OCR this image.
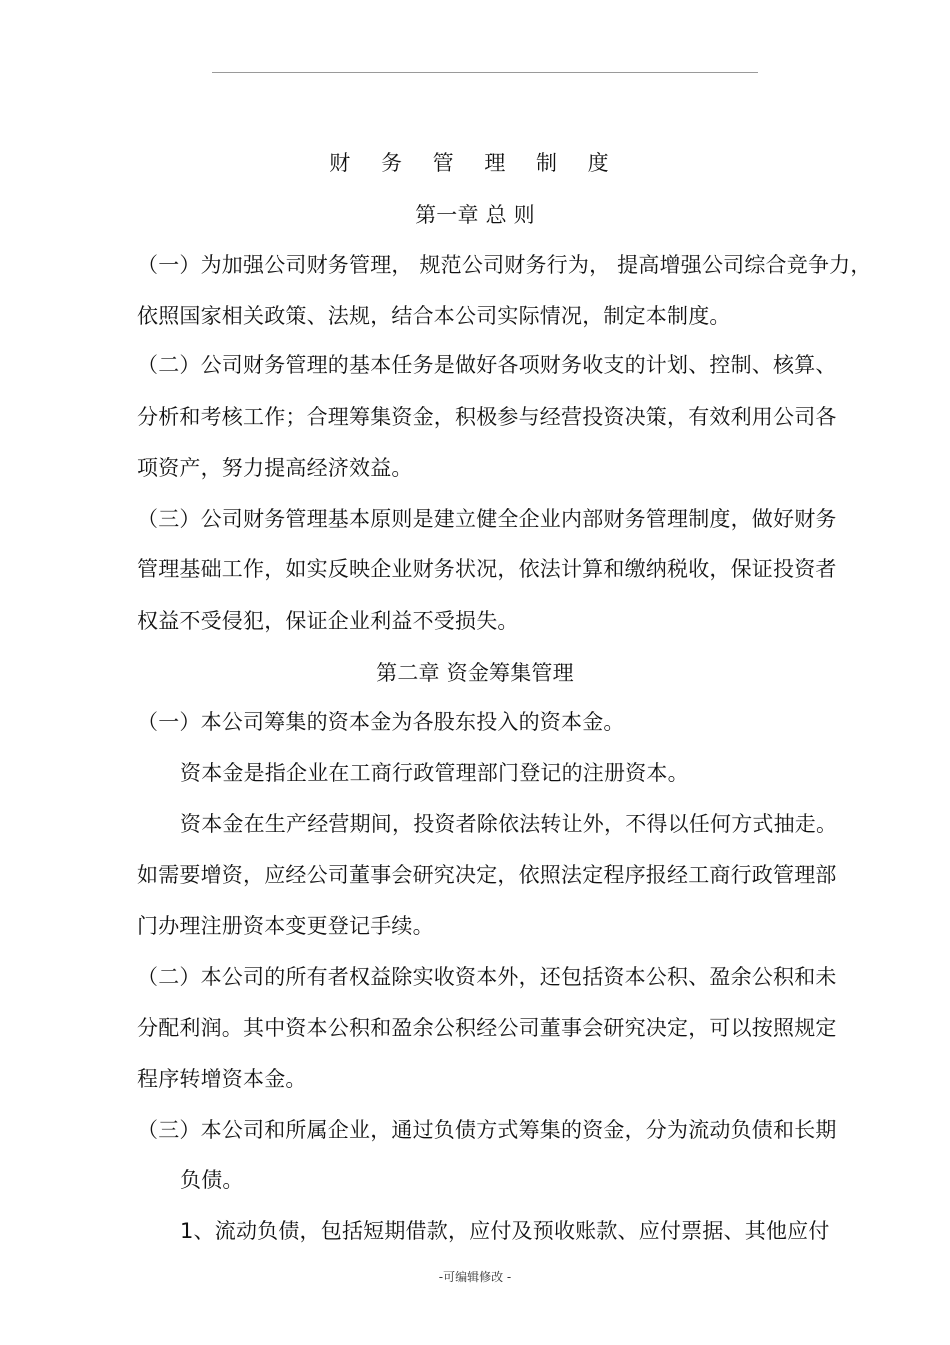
财 务 管 理 制 度
第一章 总 则
（一）为加强公司财务管理， 规范公司财务行为， 提高增强公司综合竞争力，
依照国家相关政策、法规，结合本公司实际情况，制定本制度。
（二）公司财务管理的基本任务是做好各项财务收支的计划、控制、核算、
分析和考核工作；合理筹集资金，积极参与经营投资决策，有效利用公司各
项资产，努力提高经济效益。
（三）公司财务管理基本原则是建立健全企业内部财务管理制度，做好财务
管理基础工作，如实反映企业财务状况，依法计算和缴纳税收，保证投资者
权益不受侵犯，保证企业利益不受损失。
第二章 资金筹集管理
（一）本公司筹集的资本金为各股东投入的资本金。
资本金是指企业在工商行政管理部门登记的注册资本。
资本金在生产经营期间，投资者除依法转让外，不得以任何方式抽走。
如需要增资，应经公司董事会研究决定，依照法定程序报经工商行政管理部
门办理注册资本变更登记手续。
（二）本公司的所有者权益除实收资本外，还包括资本公积、盈余公积和未
分配利润。其中资本公积和盈余公积经公司董事会研究决定，可以按照规定
程序转增资本金。
（三）本公司和所属企业，通过负债方式筹集的资金，分为流动负债和长期
负债。
1、流动负债，包括短期借款，应付及预收账款、应付票据、其他应付
-可编辑修改 -
